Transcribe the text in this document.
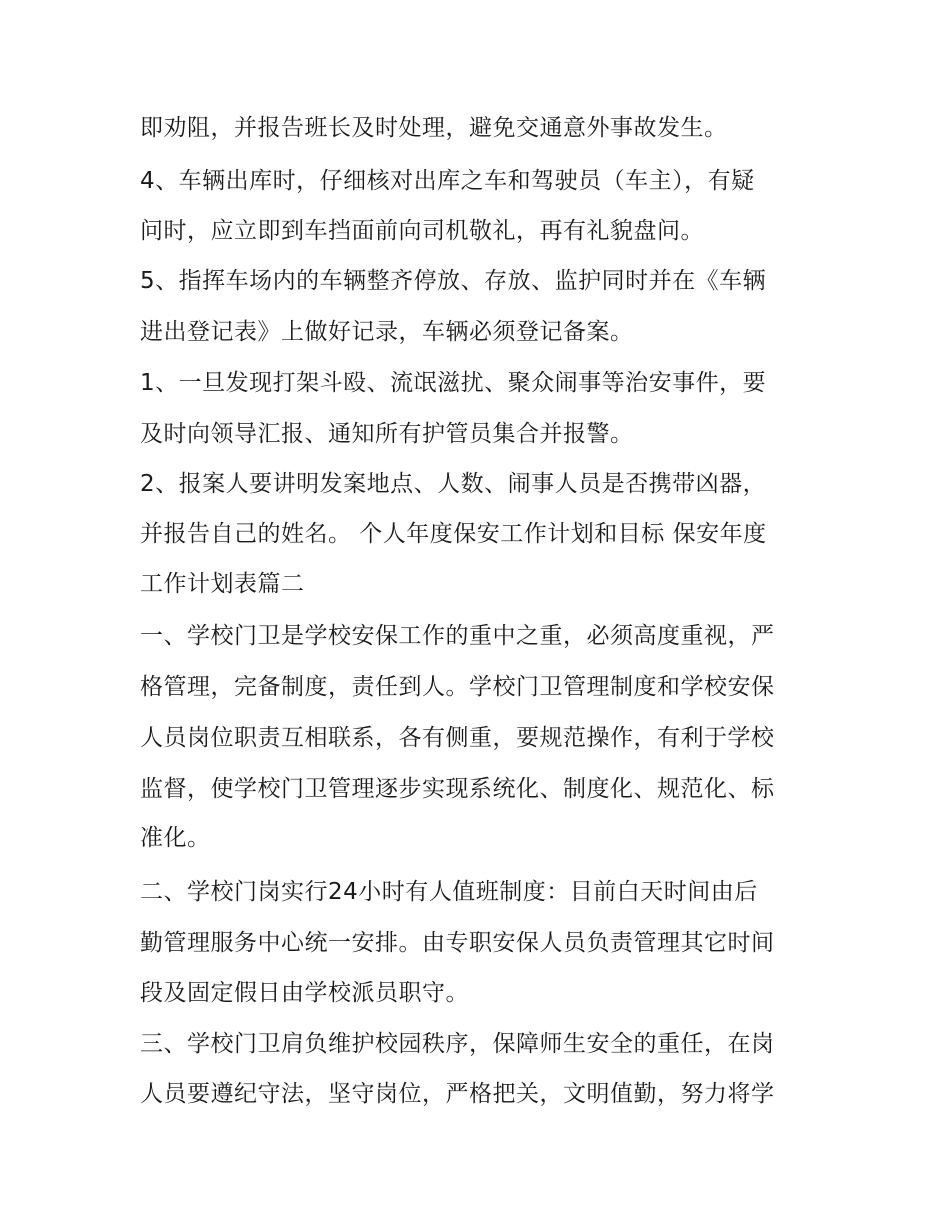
即劝阻，并报告班长及时处理，避免交通意外事故发生。
4、车辆出库时，仔细核对出库之车和驾驶员（车主），有疑
问时，应立即到车挡面前向司机敬礼，再有礼貌盘问。
5、指挥车场内的车辆整齐停放、存放、监护同时并在《车辆
进出登记表》上做好记录，车辆必须登记备案。
1、一旦发现打架斗殴、流氓滋扰、聚众闹事等治安事件，要
及时向领导汇报、通知所有护管员集合并报警。
2、报案人要讲明发案地点、人数、闹事人员是否携带凶器，
并报告自己的姓名。 个人年度保安工作计划和目标 保安年度
工作计划表篇二
一、学校门卫是学校安保工作的重中之重，必须高度重视，严
格管理，完备制度，责任到人。学校门卫管理制度和学校安保
人员岗位职责互相联系，各有侧重，要规范操作，有利于学校
监督，使学校门卫管理逐步实现系统化、制度化、规范化、标
准化。
二、学校门岗实行24小时有人值班制度：目前白天时间由后
勤管理服务中心统一安排。由专职安保人员负责管理其它时间
段及固定假日由学校派员职守。
三、学校门卫肩负维护校园秩序，保障师生安全的重任，在岗
人员要遵纪守法，坚守岗位，严格把关，文明值勤，努力将学
